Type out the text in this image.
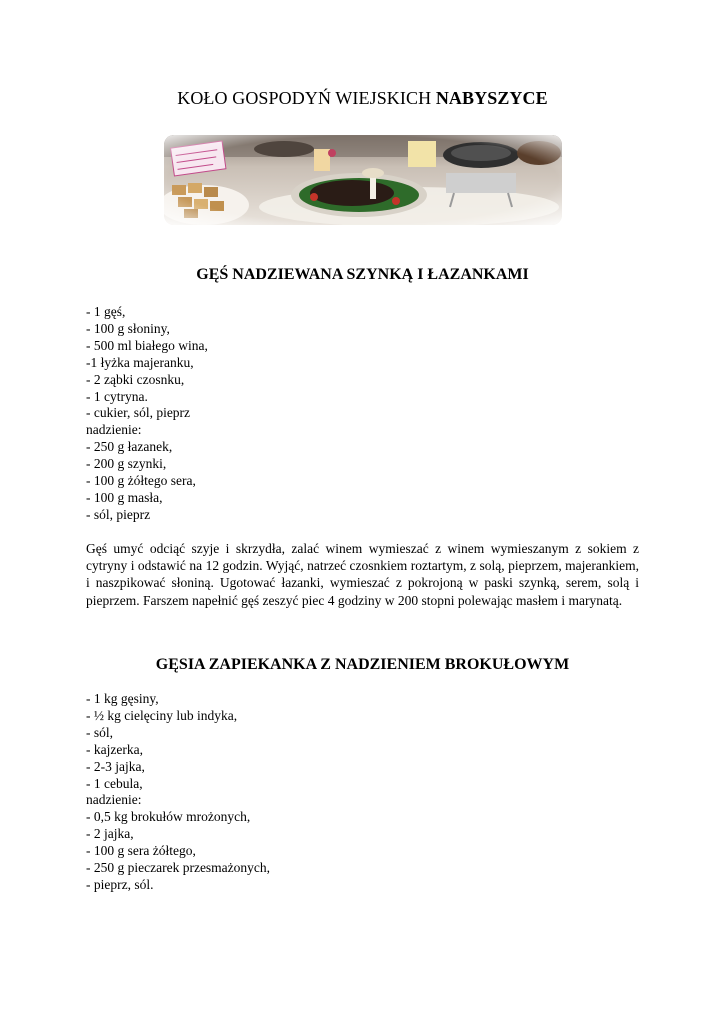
KOŁO GOSPODYŃ WIEJSKICH NABYSZYCE
GĘŚ NADZIEWANA SZYNKĄ I ŁAZANKAMI
- 1 gęś,
- 100 g słoniny,
- 500 ml białego wina,
-1 łyżka majeranku,
- 2 ząbki czosnku,
- 1 cytryna.
- cukier, sól, pieprz
nadzienie:
- 250 g łazanek,
- 200 g szynki,
- 100 g żółtego sera,
- 100 g masła,
- sól, pieprz

Gęś umyć odciąć szyje i skrzydła, zalać winem wymieszać z winem wymieszanym z sokiem z cytryny i odstawić na 12 godzin. Wyjąć, natrzeć czosnkiem roztartym, z solą, pieprzem, majerankiem, i naszpikować słoniną. Ugotować łazanki, wymieszać z pokrojoną w paski szynką, serem, solą i pieprzem. Farszem napełnić gęś zeszyć piec 4 godziny w 200 stopni polewając masłem i marynatą.

GĘSIA ZAPIEKANKA Z NADZIENIEM BROKUŁOWYM
- 1 kg gęsiny,
- ½ kg cielęciny lub indyka,
- sól,
- kajzerka,
- 2-3 jajka,
- 1 cebula,
nadzienie:
- 0,5 kg brokułów mrożonych,
- 2 jajka,
- 100 g sera żółtego,
- 250 g pieczarek przesmażonych,
- pieprz, sól.
